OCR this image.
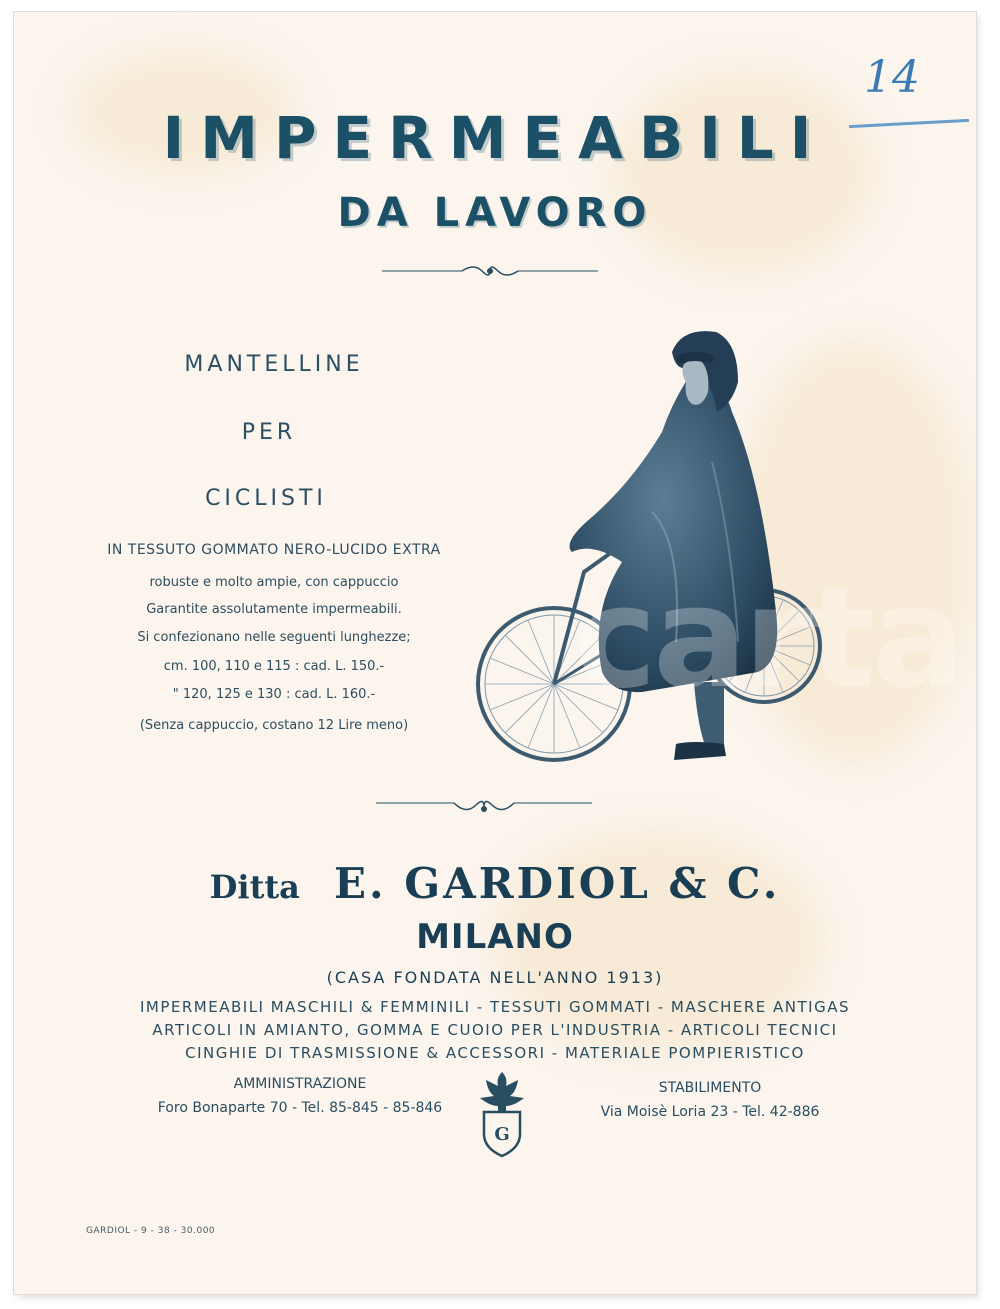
14
IMPERMEABILI
DA LAVORO
MANTELLINE
PER
CICLISTI
IN TESSUTO GOMMATO NERO-LUCIDO EXTRA
robuste e molto ampie, con cappuccio
Garantite assolutamente impermeabili.
Si confezionano nelle seguenti lunghezze;
cm. 100, 110 e 115 : cad. L. 150.-
" 120, 125 e 130 : cad. L. 160.-
(Senza cappuccio, costano 12 Lire meno)
carta
Ditta E. GARDIOL & C.
MILANO
(CASA FONDATA NELL'ANNO 1913)
IMPERMEABILI MASCHILI & FEMMINILI - TESSUTI GOMMATI - MASCHERE ANTIGAS
ARTICOLI IN AMIANTO, GOMMA E CUOIO PER L'INDUSTRIA - ARTICOLI TECNICI
CINGHIE DI TRASMISSIONE & ACCESSORI - MATERIALE POMPIERISTICO
AMMINISTRAZIONE
Foro Bonaparte 70 - Tel. 85-845 - 85-846
STABILIMENTO
Via Moisè Loria 23 - Tel. 42-886
G
GARDIOL - 9 - 38 - 30.000
